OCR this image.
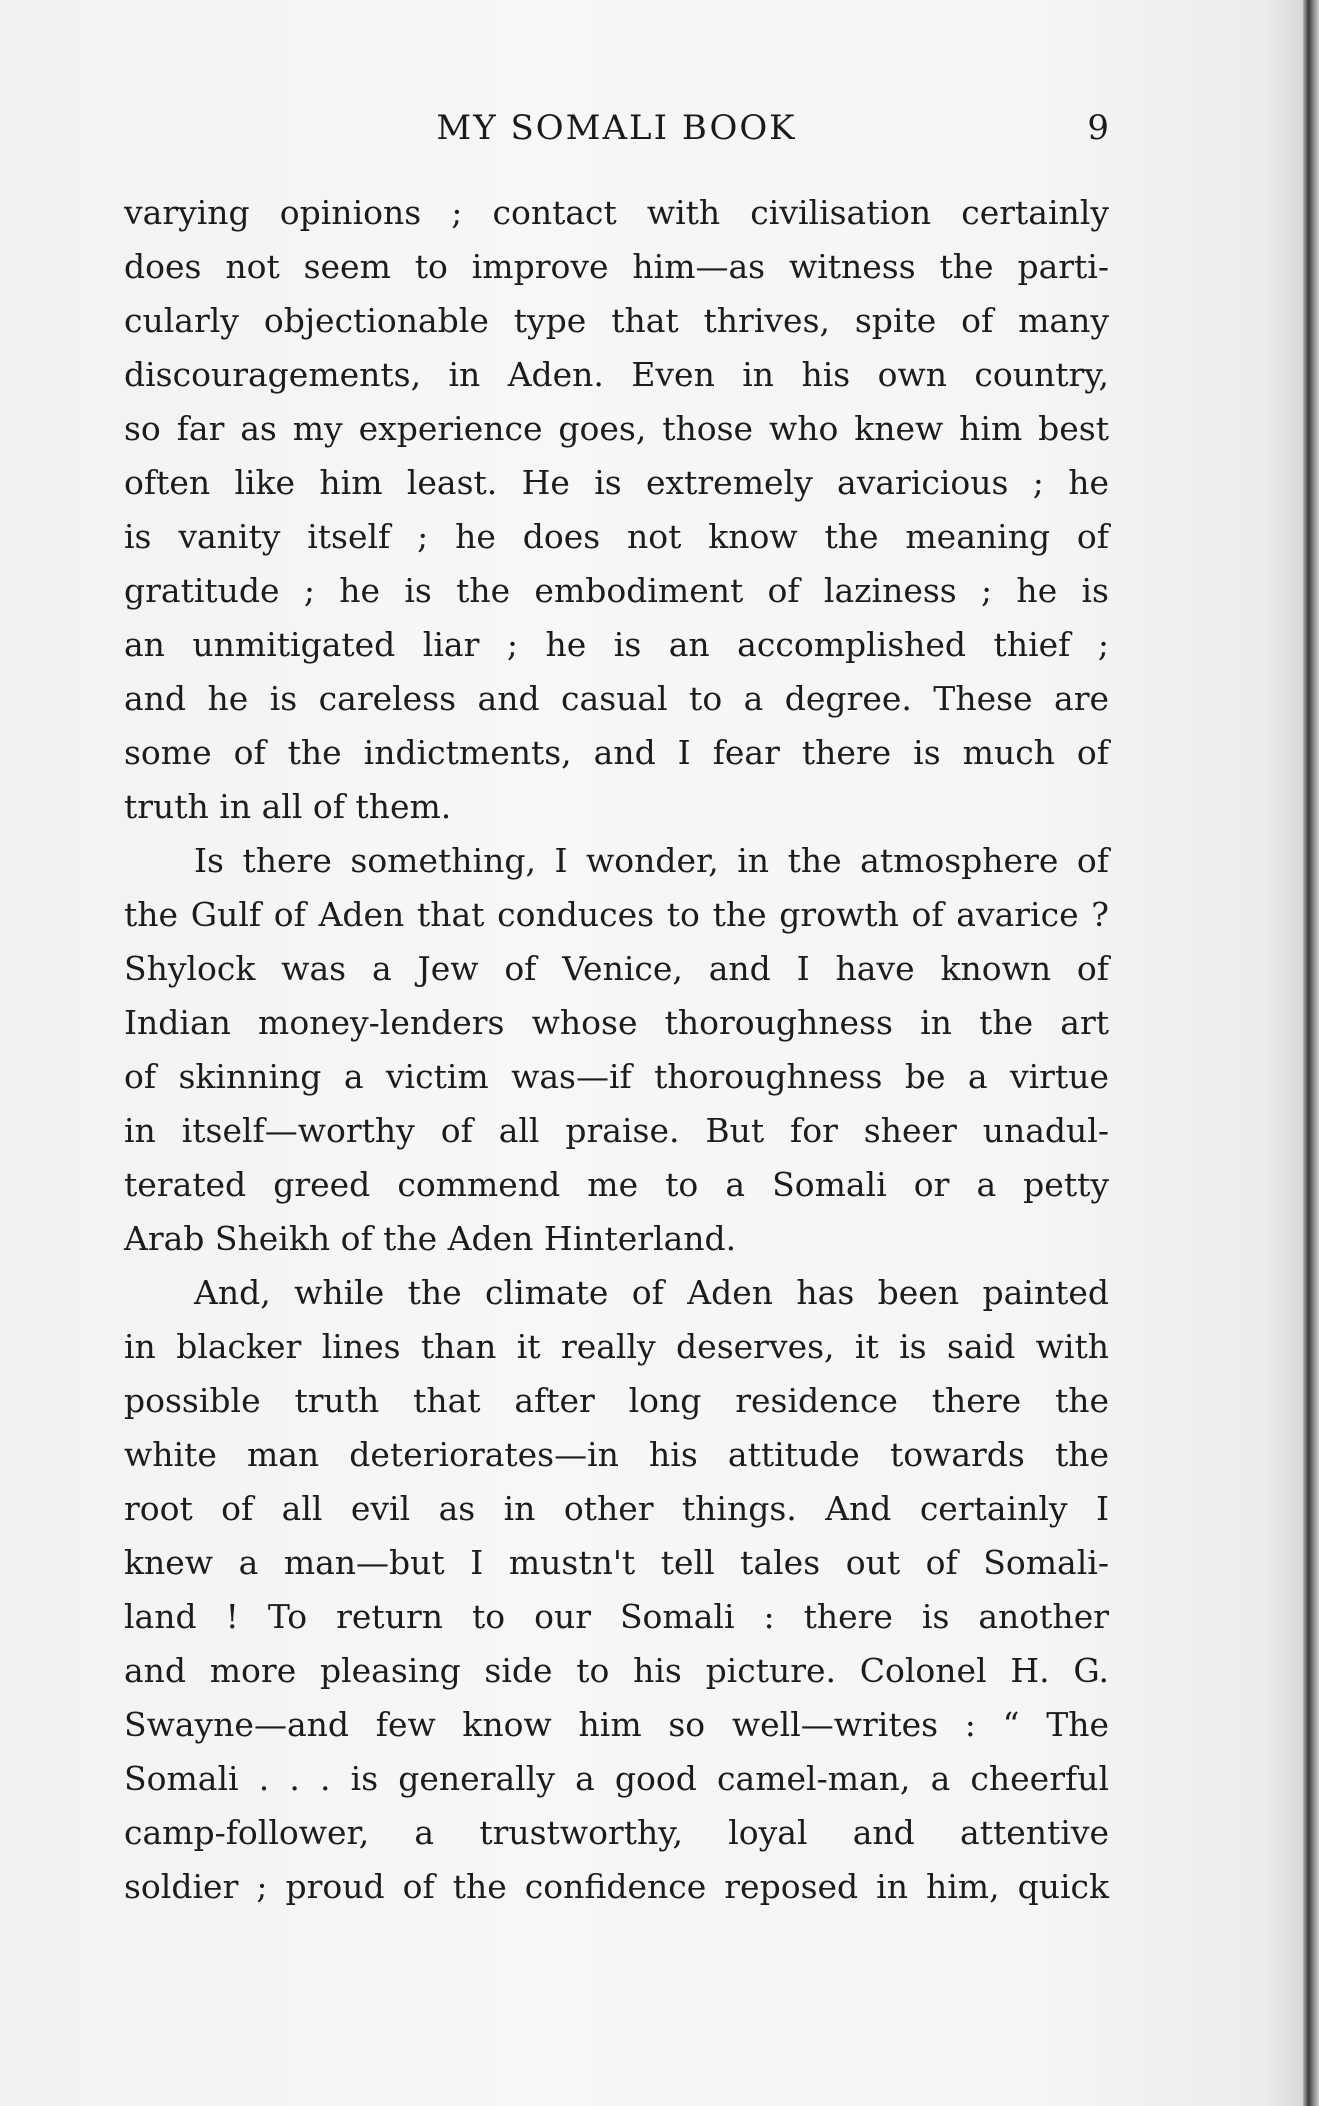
MY SOMALI BOOK	9
varying opinions ; contact with civilisation certainly
does not seem to improve him—as witness the parti-
cularly objectionable type that thrives, spite of many
discouragements, in Aden. Even in his own country,
so far as my experience goes, those who knew him best
often like him least. He is extremely avaricious ; he
is vanity itself ; he does not know the meaning of
gratitude ; he is the embodiment of laziness ; he is
an unmitigated liar ; he is an accomplished thief ;
and he is careless and casual to a degree. These are
some of the indictments, and I fear there is much of
truth in all of them.
Is there something, I wonder, in the atmosphere of
the Gulf of Aden that conduces to the growth of avarice ?
Shylock was a Jew of Venice, and I have known of
Indian money-lenders whose thoroughness in the art
of skinning a victim was—if thoroughness be a virtue
in itself—worthy of all praise. But for sheer unadul-
terated greed commend me to a Somali or a petty
Arab Sheikh of the Aden Hinterland.
And, while the climate of Aden has been painted
in blacker lines than it really deserves, it is said with
possible truth that after long residence there the
white man deteriorates—in his attitude towards the
root of all evil as in other things. And certainly I
knew a man—but I mustn't tell tales out of Somali-
land ! To return to our Somali : there is another
and more pleasing side to his picture. Colonel H. G.
Swayne—and few know him so well—writes : “ The
Somali . . . is generally a good camel-man, a cheerful
camp-follower, a trustworthy, loyal and attentive
soldier ; proud of the confidence reposed in him, quick
